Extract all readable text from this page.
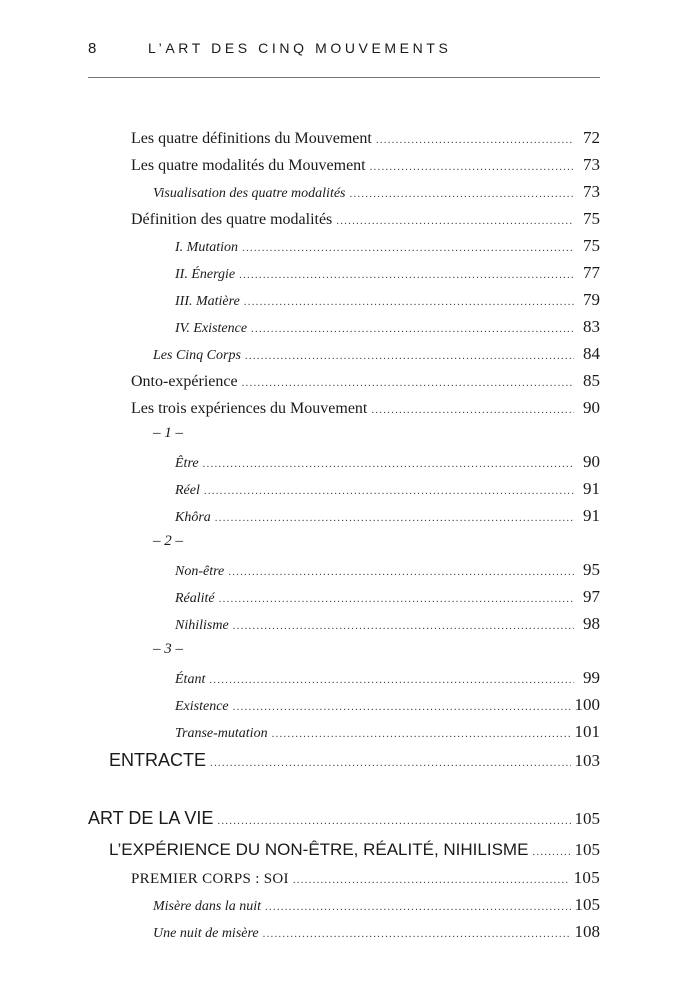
8	L’ART DES CINQ MOUVEMENTS
Les quatre définitions du Mouvement .....	72
Les quatre modalités du Mouvement .....	73
Visualisation des quatre modalités .....	73
Définition des quatre modalités .....	75
I. Mutation .....	75
II. Énergie .....	77
III. Matière .....	79
IV. Existence .....	83
Les Cinq Corps .....	84
Onto-expérience .....	85
Les trois expériences du Mouvement .....	90
– 1 –
Être .....	90
Réel .....	91
Khôra .....	91
– 2 –
Non-être .....	95
Réalité .....	97
Nihilisme .....	98
– 3 –
Étant .....	99
Existence .....	100
Transe-mutation .....	101
ENTRACTE .....	103
ART DE LA VIE .....	105
L’EXPÉRIENCE DU NON-ÊTRE, RÉALITÉ, NIHILISME .....	105
PREMIER CORPS : SOI .....	105
Misère dans la nuit .....	105
Une nuit de misère .....	108
